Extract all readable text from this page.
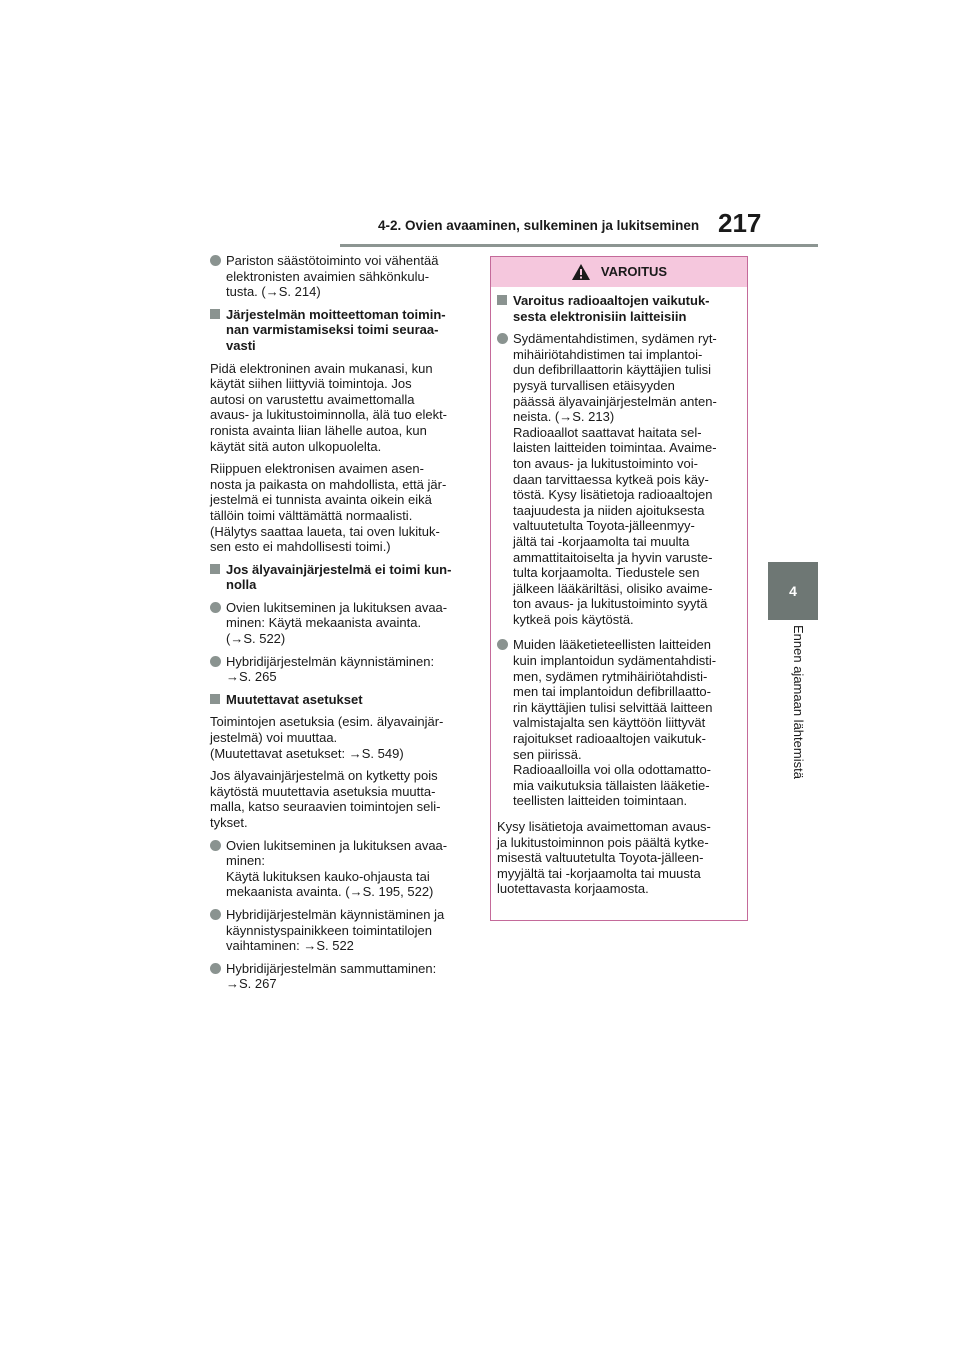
4-2. Ovien avaaminen, sulkeminen ja lukitseminen 217
4
Ennen ajamaan lähtemistä
Pariston säästötoiminto voi vähentää
elektronisten avaimien sähkönkulu-
tusta. (→S. 214)
Järjestelmän moitteettoman toimin-
nan varmistamiseksi toimi seuraa-
vasti
Pidä elektroninen avain mukanasi, kun
käytät siihen liittyviä toimintoja. Jos
autosi on varustettu avaimettomalla
avaus- ja lukitustoiminnolla, älä tuo elekt-
ronista avainta liian lähelle autoa, kun
käytät sitä auton ulkopuolelta.
Riippuen elektronisen avaimen asen-
nosta ja paikasta on mahdollista, että jär-
jestelmä ei tunnista avainta oikein eikä
tällöin toimi välttämättä normaalisti.
(Hälytys saattaa laueta, tai oven lukituk-
sen esto ei mahdollisesti toimi.)
Jos älyavainjärjestelmä ei toimi kun-
nolla
Ovien lukitseminen ja lukituksen avaa-
minen: Käytä mekaanista avainta.
(→S. 522)
Hybridijärjestelmän käynnistäminen:
→S. 265
Muutettavat asetukset
Toimintojen asetuksia (esim. älyavainjär-
jestelmä) voi muuttaa.
(Muutettavat asetukset: →S. 549)
Jos älyavainjärjestelmä on kytketty pois
käytöstä muutettavia asetuksia muutta-
malla, katso seuraavien toimintojen seli-
tykset.
Ovien lukitseminen ja lukituksen avaa-
minen:
Käytä lukituksen kauko-ohjausta tai
mekaanista avainta. (→S. 195, 522)
Hybridijärjestelmän käynnistäminen ja
käynnistyspainikkeen toimintatilojen
vaihtaminen: →S. 522
Hybridijärjestelmän sammuttaminen:
→S. 267
VAROITUS
Varoitus radioaaltojen vaikutuk-
sesta elektronisiin laitteisiin
Sydämentahdistimen, sydämen ryt-
mihäiriötahdistimen tai implantoi-
dun defibrillaattorin käyttäjien tulisi
pysyä turvallisen etäisyyden
päässä älyavainjärjestelmän anten-
neista. (→S. 213)
Radioaallot saattavat haitata sel-
laisten laitteiden toimintaa. Avaime-
ton avaus- ja lukitustoiminto voi-
daan tarvittaessa kytkeä pois käy-
töstä. Kysy lisätietoja radioaaltojen
taajuudesta ja niiden ajoituksesta
valtuutetulta Toyota-jälleenmyy-
jältä tai -korjaamolta tai muulta
ammattitaitoiselta ja hyvin varuste-
tulta korjaamolta. Tiedustele sen
jälkeen lääkäriltäsi, olisiko avaime-
ton avaus- ja lukitustoiminto syytä
kytkeä pois käytöstä.
Muiden lääketieteellisten laitteiden
kuin implantoidun sydämentahdisti-
men, sydämen rytmihäiriötahdisti-
men tai implantoidun defibrillaatto-
rin käyttäjien tulisi selvittää laitteen
valmistajalta sen käyttöön liittyvät
rajoitukset radioaaltojen vaikutuk-
sen piirissä.
Radioaalloilla voi olla odottamatto-
mia vaikutuksia tällaisten lääketie-
teellisten laitteiden toimintaan.
Kysy lisätietoja avaimettoman avaus-
ja lukitustoiminnon pois päältä kytke-
misestä valtuutetulta Toyota-jälleen-
myyjältä tai -korjaamolta tai muusta
luotettavasta korjaamosta.
